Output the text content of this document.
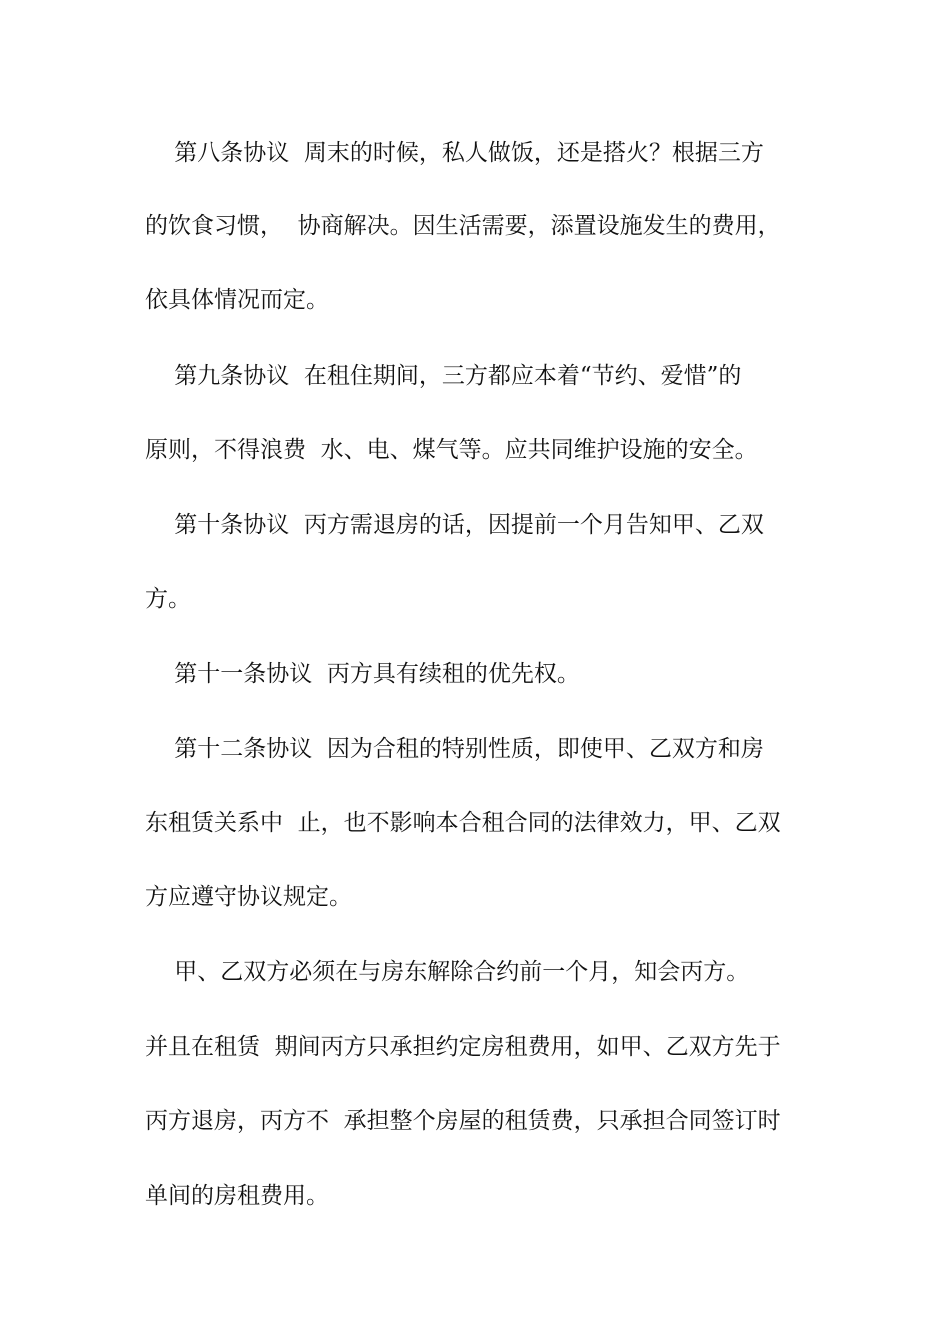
第八条协议  周末的时候，私人做饭，还是搭火？根据三方
的饮食习惯，  协商解决。因生活需要，添置设施发生的费用，
依具体情况而定。
第九条协议  在租住期间，三方都应本着“节约、爱惜”的
原则，不得浪费  水、电、煤气等。应共同维护设施的安全。
第十条协议  丙方需退房的话，因提前一个月告知甲、乙双
方。
第十一条协议  丙方具有续租的优先权。
第十二条协议  因为合租的特别性质，即使甲、乙双方和房
东租赁关系中  止，也不影响本合租合同的法律效力，甲、乙双
方应遵守协议规定。
甲、乙双方必须在与房东解除合约前一个月，知会丙方。
并且在租赁  期间丙方只承担约定房租费用，如甲、乙双方先于
丙方退房，丙方不  承担整个房屋的租赁费，只承担合同签订时
单间的房租费用。
